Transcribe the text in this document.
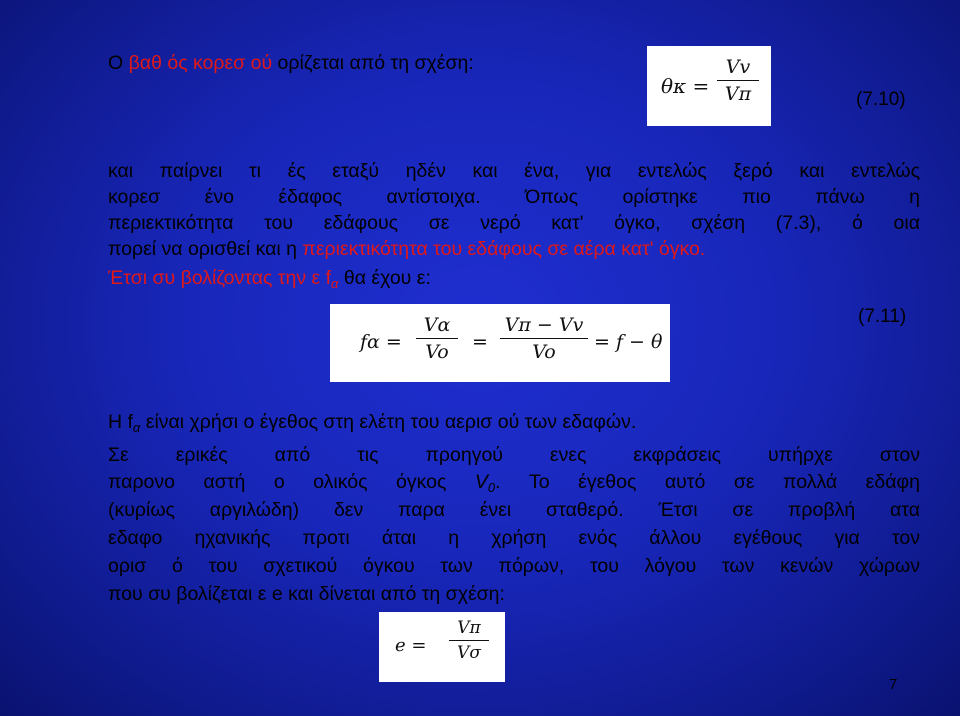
Ο βαθ ός κορεσ ού ορίζεται από τη σχέση:
θκ =
Vv
Vπ	(7.10)
και παίρνει τι ές εταξύ ηδέν και ένα, για εντελώς ξερό και εντελώς
κορεσ ένο έδαφος αντίστοιχα. Όπως ορίστηκε πιο πάνω η
περιεκτικότητα του εδάφους σε νερό κατ' όγκο, σχέση (7.3), ό οια
πορεί να ορισθεί και η περιεκτικότητα του εδάφους σε αέρα κατ' όγκο.
Έτσι συ βολίζοντας την ε $f_\alpha$ θα έχου ε:
fα =
Vα
Vo =
Vπ − Vv
Vo = f − θ
(7.11)
Η $f_\alpha$ είναι χρήσι ο έγεθος στη ελέτη του αερισ ού των εδαφών.
Σε ερικές από τις προηγού ενες εκφράσεις υπήρχε στον
παρονο αστή ο ολικός όγκος $V_0$. Το έγεθος αυτό σε πολλά εδάφη
(κυρίως αργιλώδη) δεν παρα ένει σταθερό. Έτσι σε προβλή ατα
εδαφο ηχανικής προτι άται η χρήση ενός άλλου εγέθους για τον
ορισ ό του σχετικού όγκου των πόρων, του λόγου των κενών χώρων
που συ βολίζεται ε e και δίνεται από τη σχέση:
e =
Vπ
Vσ
7
